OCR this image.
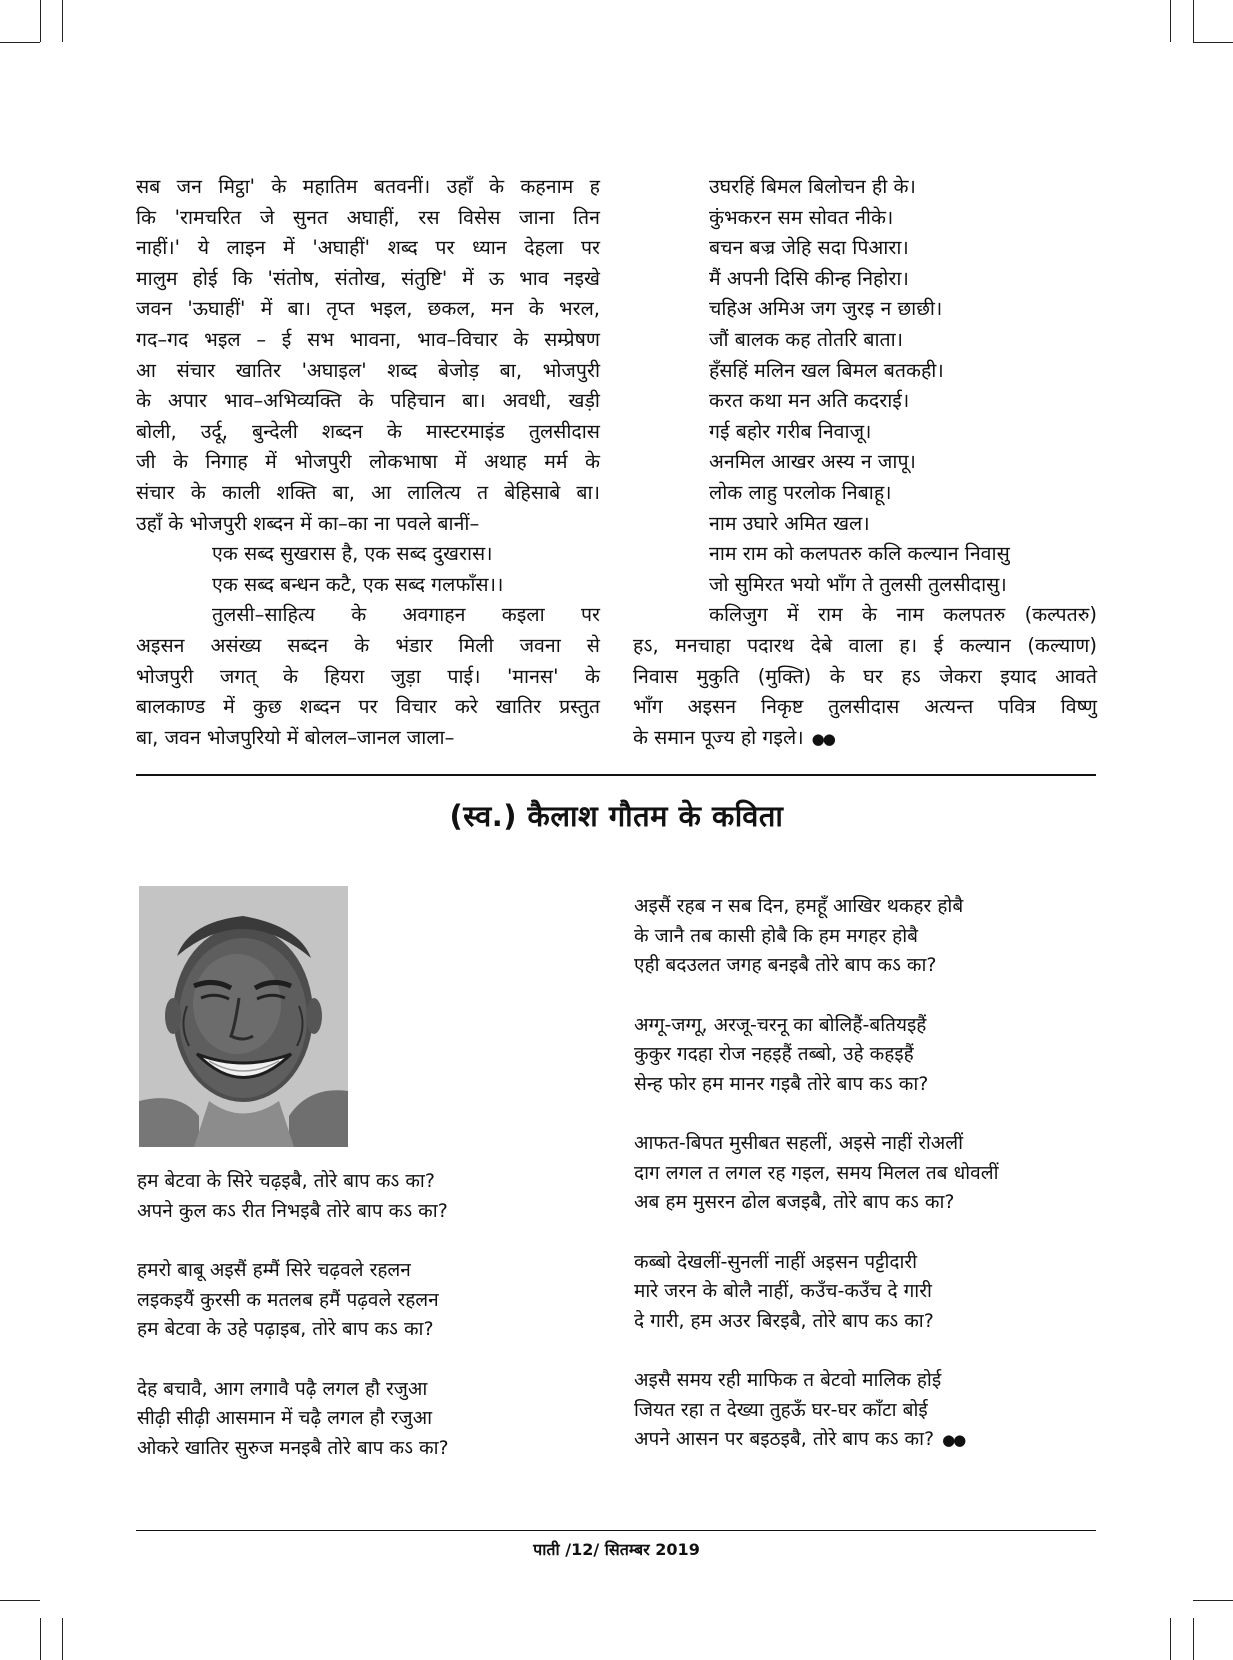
सब जन मिट्ठा' के महातिम बतवनीं। उहाँ के कहनाम ह

कि 'रामचरित जे सुनत अघाहीं, रस विसेस जाना तिन

नाहीं।' ये लाइन में 'अघाहीं' शब्द पर ध्यान देहला पर

मालुम होई कि 'संतोष, संतोख, संतुष्टि' में ऊ भाव नइखे

जवन 'ऊघाहीं' में बा। तृप्त भइल, छकल, मन के भरल,

गद–गद भइल – ई सभ भावना, भाव–विचार के सम्प्रेषण

आ संचार खातिर 'अघाइल' शब्द बेजोड़ बा, भोजपुरी

के अपार भाव–अभिव्यक्ति के पहिचान बा। अवधी, खड़ी

बोली, उर्दू, बुन्देली शब्दन के मास्टरमाइंड तुलसीदास

जी के निगाह में भोजपुरी लोकभाषा में अथाह मर्म के

संचार के काली शक्ति बा, आ लालित्य त बेहिसाबे बा।

उहाँ के भोजपुरी शब्दन में का–का ना पवले बानीं–

एक सब्द सुखरास है, एक सब्द दुखरास।

एक सब्द बन्धन कटै, एक सब्द गलफाँस।।

तुलसी–साहित्य के अवगाहन कइला पर

अइसन असंख्य सब्दन के भंडार मिली जवना से

भोजपुरी जगत् के हियरा जुड़ा पाई। 'मानस' के

बालकाण्ड में कुछ शब्दन पर विचार करे खातिर प्रस्तुत

बा, जवन भोजपुरियो में बोलल–जानल जाला–

उघरहिं बिमल बिलोचन ही के।

कुंभकरन सम सोवत नीके।

बचन बज्र जेहि सदा पिआरा।

मैं अपनी दिसि कीन्ह निहोरा।

चहिअ अमिअ जग जुरइ न छाछी।

जौं बालक कह तोतरि बाता।

हँसहिं मलिन खल बिमल बतकही।

करत कथा मन अति कदराई।

गई बहोर गरीब निवाजू।

अनमिल आखर अस्य न जापू।

लोक लाहु परलोक निबाहू।

नाम उघारे अमित खल।

नाम राम को कलपतरु कलि कल्यान निवासु

जो सुमिरत भयो भाँग ते तुलसी तुलसीदासु।

कलिजुग में राम के नाम कलपतरु (कल्पतरु)

हऽ, मनचाहा पदारथ देबे वाला ह। ई कल्यान (कल्याण)

निवास मुकुति (मुक्ति) के घर हऽ जेकरा इयाद आवते

भाँग अइसन निकृष्ट तुलसीदास अत्यन्त पवित्र विष्णु

के समान पूज्य हो गइले। ●●

(स्व.) कैलाश गौतम के कविता
हम बेटवा के सिरे चढ़इबै, तोरे बाप कऽ का?
अपने कुल कऽ रीत निभइबै तोरे बाप कऽ का?
हमरो बाबू अइसैं हम्मैं सिरे चढ़वले रहलन
लइकइयैं कुरसी क मतलब हमैं पढ़वले रहलन
हम बेटवा के उहे पढ़ाइब, तोरे बाप कऽ का?
देह बचावै, आग लगावै पढ़ै लगल हौ रजुआ
सीढ़ी सीढ़ी आसमान में चढ़ै लगल हौ रजुआ
ओकरे खातिर सुरुज मनइबै तोरे बाप कऽ का?
अइसैं रहब न सब दिन, हमहूँ आखिर थकहर होबै
के जानै तब कासी होबै कि हम मगहर होबै
एही बदउलत जगह बनइबै तोरे बाप कऽ का?
अग्गू-जग्गू, अरजू-चरनू का बोलिहैं-बतियइहैं
कुकुर गदहा रोज नहइहैं तब्बो, उहे कहइहैं
सेन्ह फोर हम मानर गइबै तोरे बाप कऽ का?
आफत-बिपत मुसीबत सहलीं, अइसे नाहीं रोअलीं
दाग लगल त लगल रह गइल, समय मिलल तब धोवलीं
अब हम मुसरन ढोल बजइबै, तोरे बाप कऽ का?
कब्बो देखलीं-सुनलीं नाहीं अइसन पट्टीदारी
मारे जरन के बोलै नाहीं, कउँच-कउँच दे गारी
दे गारी, हम अउर बिरइबै, तोरे बाप कऽ का?
अइसै समय रही माफिक त बेटवो मालिक होई
जियत रहा त देख्या तुहऊँ घर-घर काँटा बोई
अपने आसन पर बइठइबै, तोरे बाप कऽ का? ●●
पाती /12/ सितम्बर 2019
